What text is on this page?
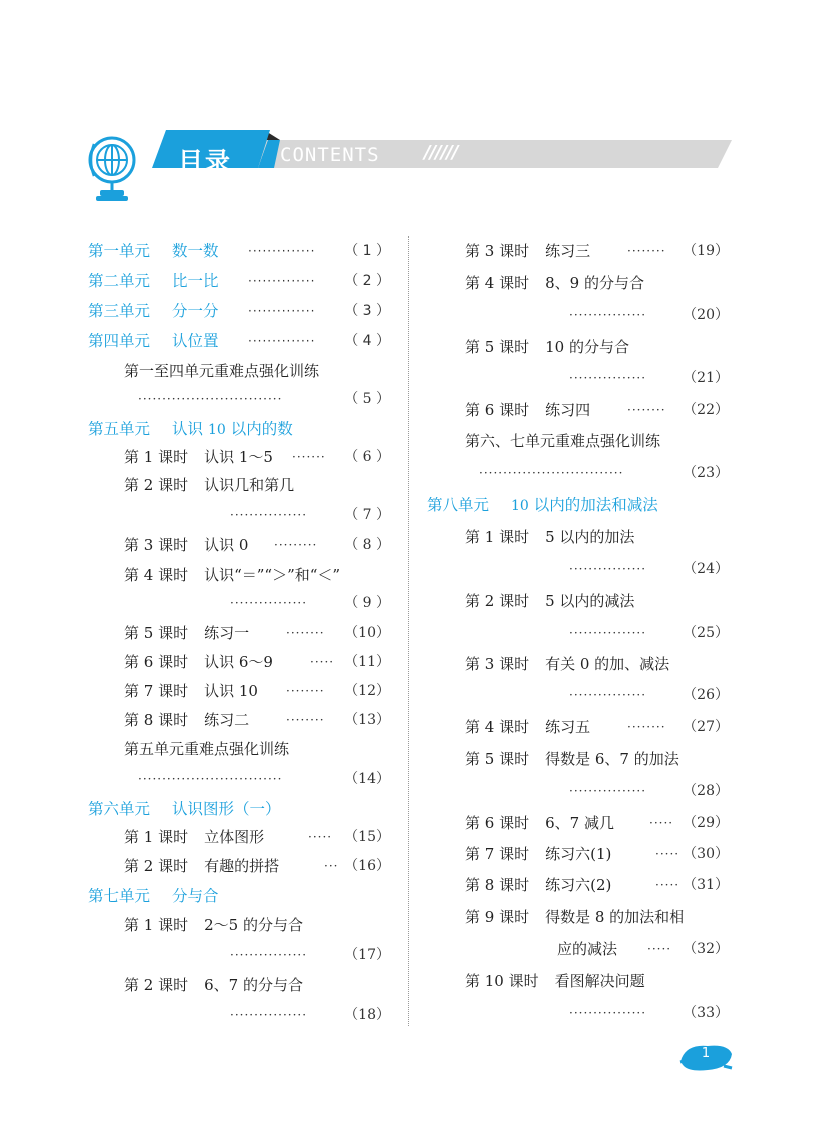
目录	CONTENTS //////
第一单元 数一数 ··············	（ 1 ）
第二单元 比一比 ··············	（ 2 ）
第三单元 分一分 ··············	（ 3 ）
第四单元 认位置 ··············	（ 4 ）
第一至四单元重难点强化训练
······························	（ 5 ）
第五单元 认识 10 以内的数
第 1 课时 认识 1～5 ·······	（ 6 ）
第 2 课时 认识几和第几
················	（ 7 ）
第 3 课时 认识 0 ·········	（ 8 ）
第 4 课时 认识“＝”“＞”和“＜”
················	（ 9 ）
第 5 课时 练习一	········	（10）
第 6 课时 认识 6～9	····· （11）
第 7 课时 认识 10 ········	（12）
第 8 课时 练习二	········	（13）
第五单元重难点强化训练
······························	（14）
第六单元 认识图形（一）
第 1 课时 立体图形	····· （15）
第 2 课时 有趣的拼搭	··· （16）
第七单元 分与合
第 1 课时 2～5 的分与合
················	（17）
第 2 课时 6、7 的分与合
················	（18）
第 3 课时 练习三	········	（19）
第 4 课时 8、9 的分与合
················	（20）
第 5 课时 10 的分与合
················	（21）
第 6 课时 练习四	········	（22）
第六、七单元重难点强化训练
······························	（23）
第八单元 10 以内的加法和减法
第 1 课时 5 以内的加法
················	（24）
第 2 课时 5 以内的减法
················	（25）
第 3 课时 有关 0 的加、减法
················	（26）
第 4 课时 练习五	········	（27）
第 5 课时 得数是 6、7 的加法
················	（28）
第 6 课时 6、7 减几	····· （29）
第 7 课时 练习六(1)	····· （30）
第 8 课时 练习六(2)	····· （31）
第 9 课时 得数是 8 的加法和相
应的减法 ····· （32）
第 10 课时 看图解决问题
················	（33）
1
